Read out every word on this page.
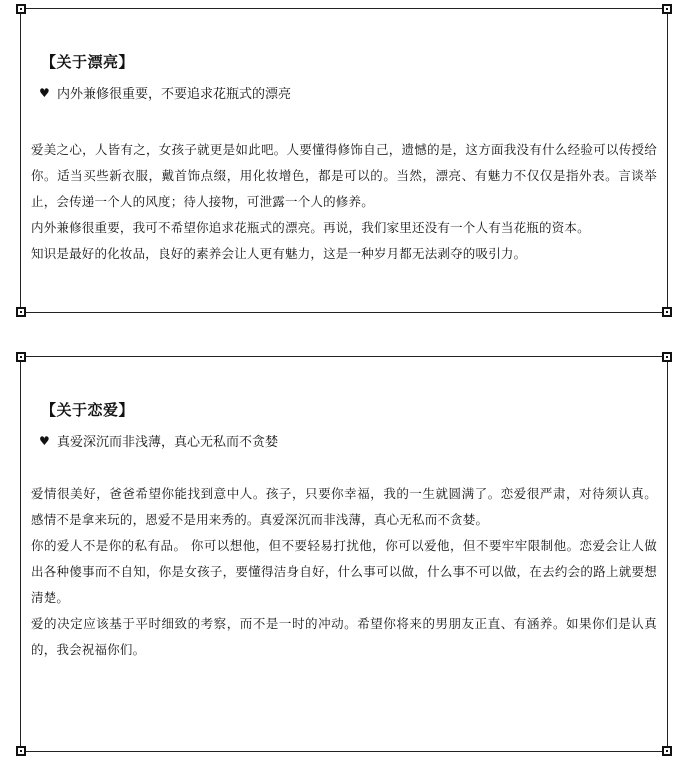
【关于漂亮】
♥ 内外兼修很重要，不要追求花瓶式的漂亮

爱美之心，人皆有之，女孩子就更是如此吧。人要懂得修饰自己，遗憾的是，这方面我没有什么经验可以传授给你。适当买些新衣服，戴首饰点缀，用化妆增色，都是可以的。当然，漂亮、有魅力不仅仅是指外表。言谈举止，会传递一个人的风度；待人接物，可泄露一个人的修养。

内外兼修很重要，我可不希望你追求花瓶式的漂亮。再说，我们家里还没有一个人有当花瓶的资本。

知识是最好的化妆品，良好的素养会让人更有魅力，这是一种岁月都无法剥夺的吸引力。

【关于恋爱】
♥ 真爱深沉而非浅薄，真心无私而不贪婪

爱情很美好，爸爸希望你能找到意中人。孩子，只要你幸福，我的一生就圆满了。恋爱很严肃，对待须认真。 感情不是拿来玩的，恩爱不是用来秀的。真爱深沉而非浅薄，真心无私而不贪婪。

你的爱人不是你的私有品。 你可以想他，但不要轻易打扰他，你可以爱他，但不要牢牢限制他。恋爱会让人做出各种傻事而不自知，你是女孩子，要懂得洁身自好，什么事可以做，什么事不可以做，在去约会的路上就要想清楚。

爱的决定应该基于平时细致的考察，而不是一时的冲动。希望你将来的男朋友正直、有涵养。如果你们是认真的，我会祝福你们。
